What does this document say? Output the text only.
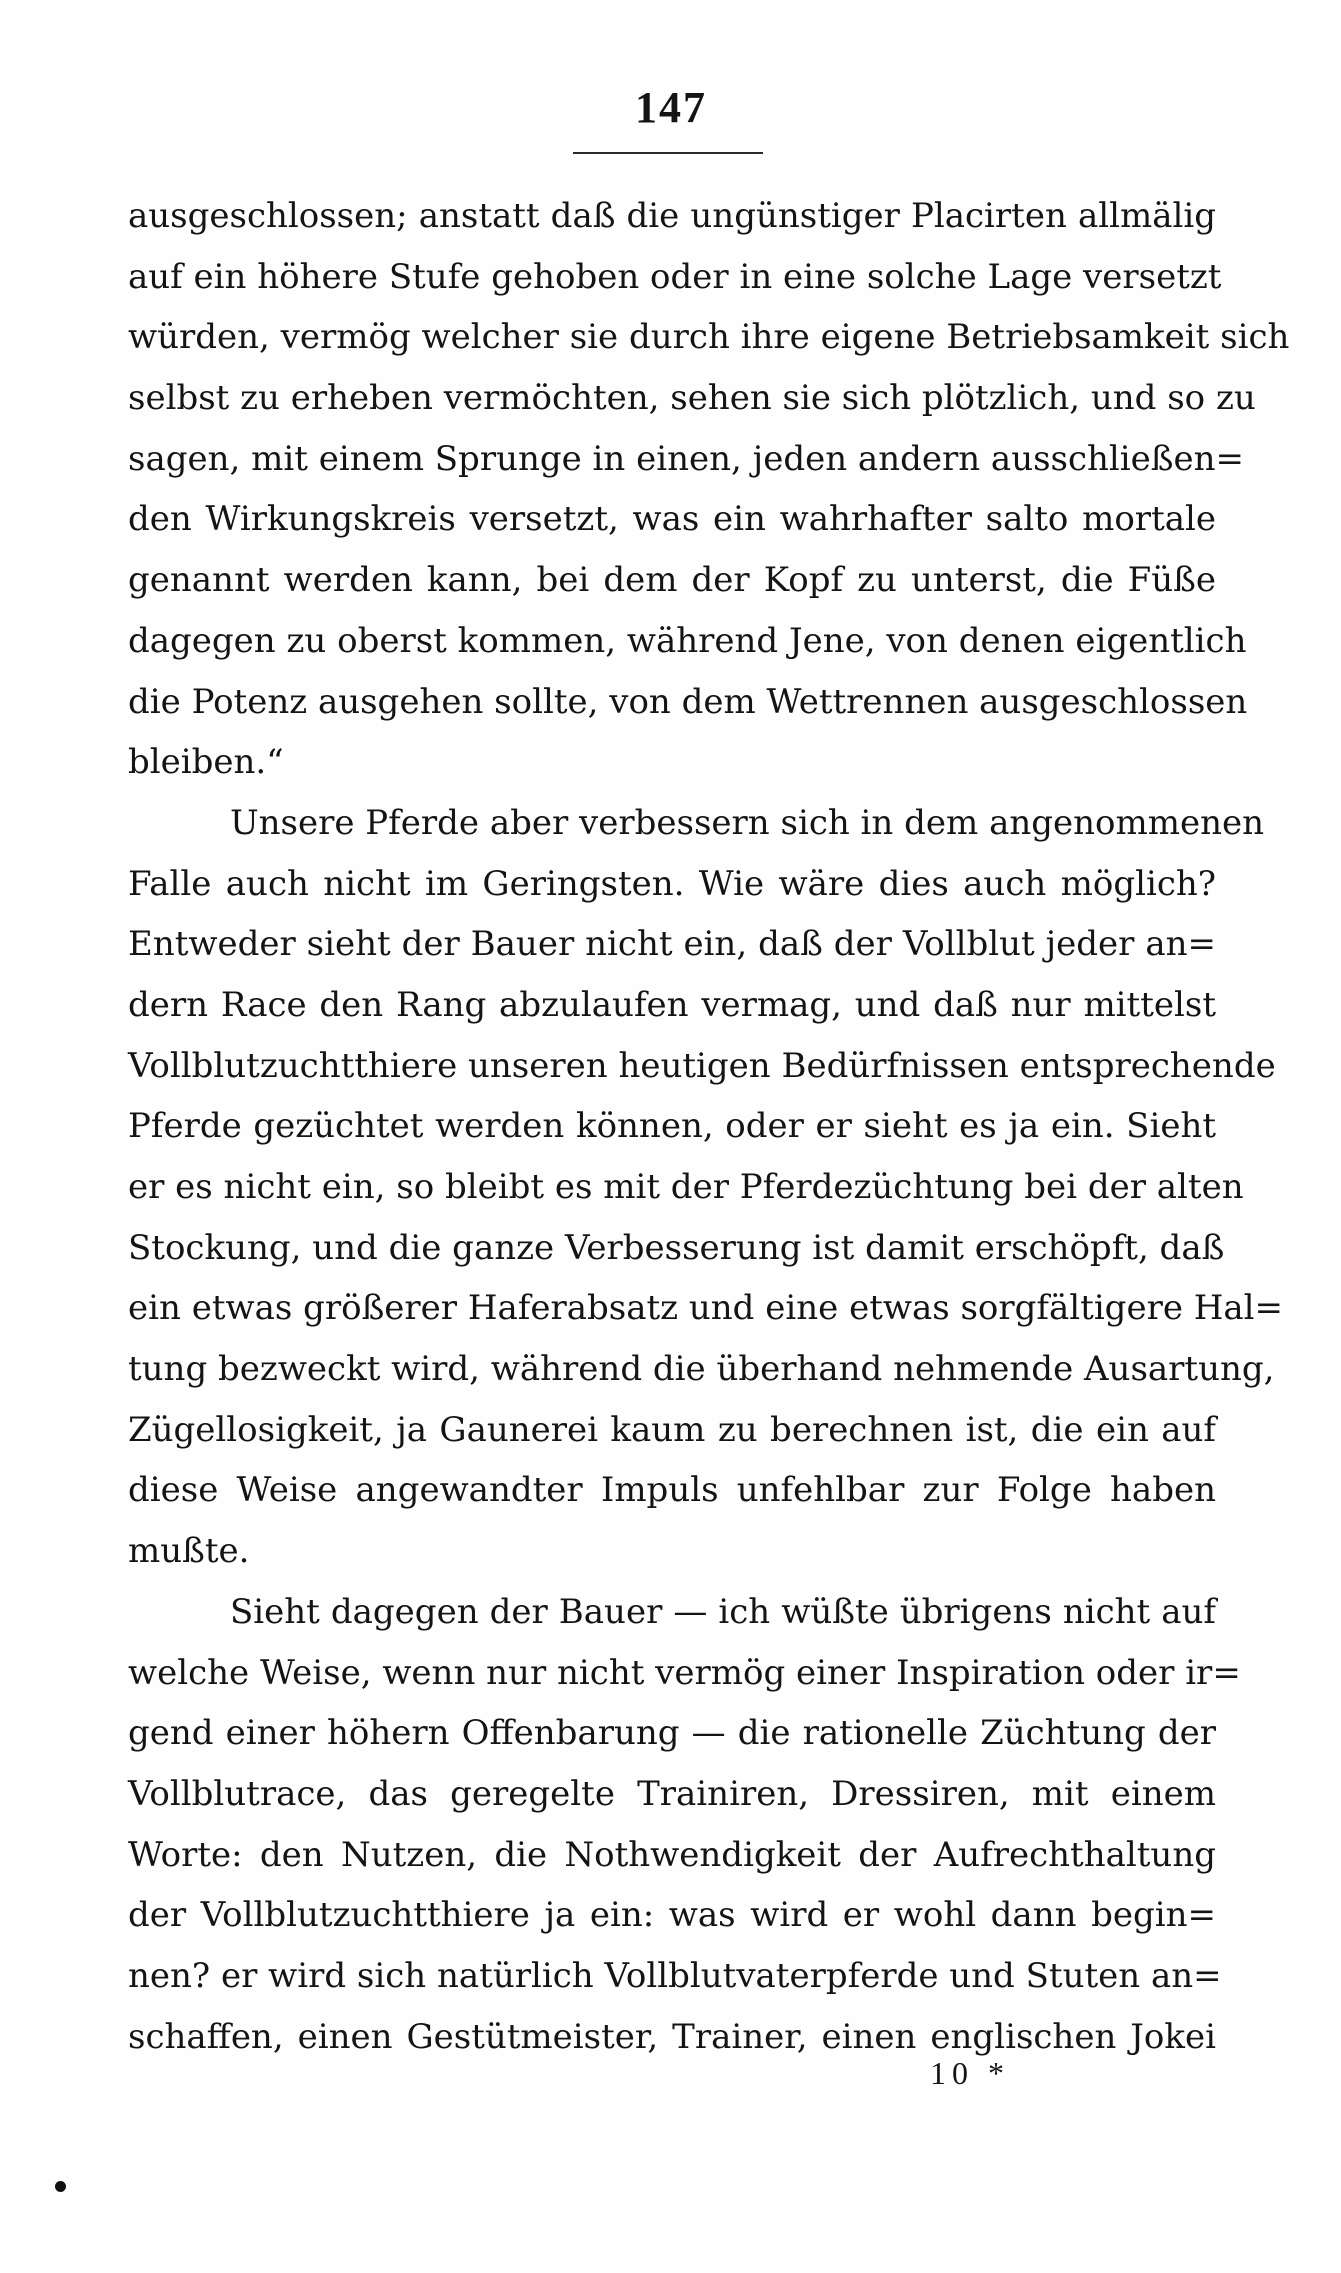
147
ausgeschlossen; anstatt daß die ungünstiger Placirten allmälig
auf ein höhere Stufe gehoben oder in eine solche Lage versetzt
würden, vermög welcher sie durch ihre eigene Betriebsamkeit sich
selbst zu erheben vermöchten, sehen sie sich plötzlich, und so zu
sagen, mit einem Sprunge in einen, jeden andern ausschließen=
den Wirkungskreis versetzt, was ein wahrhafter salto mortale
genannt werden kann, bei dem der Kopf zu unterst, die Füße
dagegen zu oberst kommen, während Jene, von denen eigentlich
die Potenz ausgehen sollte, von dem Wettrennen ausgeschlossen
bleiben.“
Unsere Pferde aber verbessern sich in dem angenommenen
Falle auch nicht im Geringsten. Wie wäre dies auch möglich?
Entweder sieht der Bauer nicht ein, daß der Vollblut jeder an=
dern Race den Rang abzulaufen vermag, und daß nur mittelst
Vollblutzuchtthiere unseren heutigen Bedürfnissen entsprechende
Pferde gezüchtet werden können, oder er sieht es ja ein. Sieht
er es nicht ein, so bleibt es mit der Pferdezüchtung bei der alten
Stockung, und die ganze Verbesserung ist damit erschöpft, daß
ein etwas größerer Haferabsatz und eine etwas sorgfältigere Hal=
tung bezweckt wird, während die überhand nehmende Ausartung,
Zügellosigkeit, ja Gaunerei kaum zu berechnen ist, die ein auf
diese Weise angewandter Impuls unfehlbar zur Folge haben
mußte.
Sieht dagegen der Bauer — ich wüßte übrigens nicht auf
welche Weise, wenn nur nicht vermög einer Inspiration oder ir=
gend einer höhern Offenbarung — die rationelle Züchtung der
Vollblutrace, das geregelte Trainiren, Dressiren, mit einem
Worte: den Nutzen, die Nothwendigkeit der Aufrechthaltung
der Vollblutzuchtthiere ja ein: was wird er wohl dann begin=
nen? er wird sich natürlich Vollblutvaterpferde und Stuten an=
schaffen, einen Gestütmeister, Trainer, einen englischen Jokei
10 *
